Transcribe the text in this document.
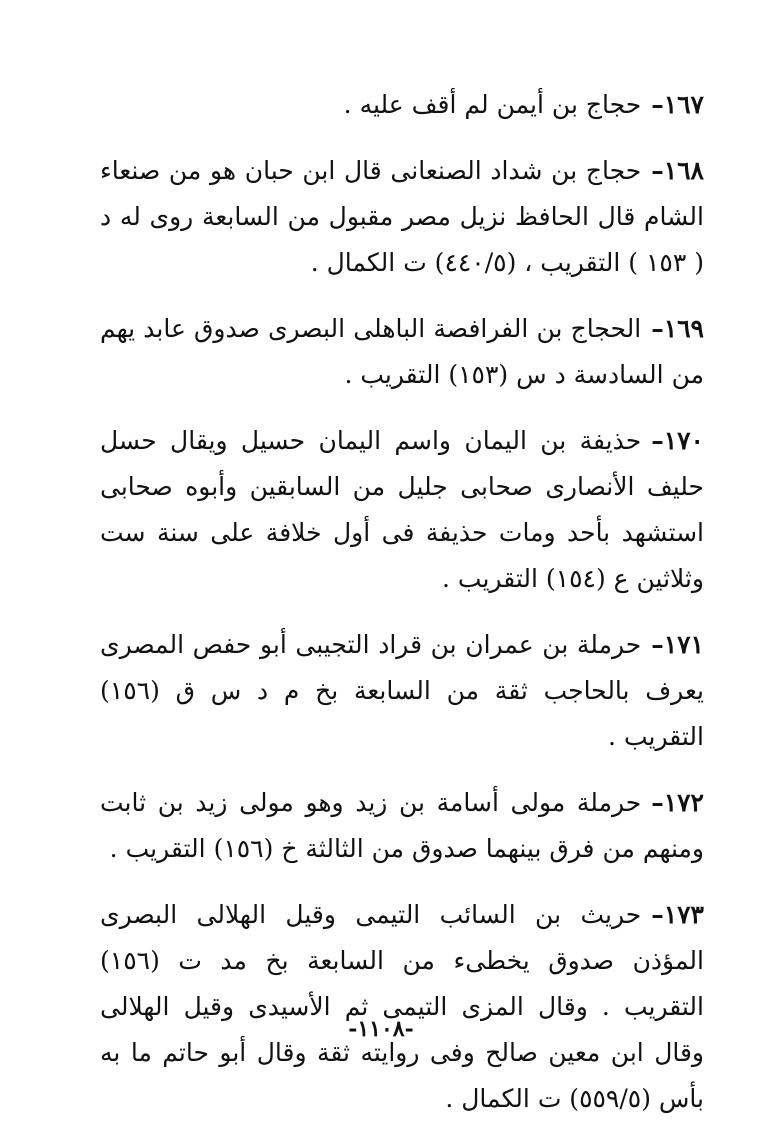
١٦٧–حجاج بن أيمن لم أقف عليه .

١٦٨–حجاج بن شداد الصنعانى قال ابن حبان هو من صنعاء الشام قال الحافظ نزيل مصر مقبول من السابعة روى له د ( ١٥٣ ) التقريب ، (٤٤٠/٥) ت الكمال .

١٦٩–الحجاج بن الفرافصة الباهلى البصرى صدوق عابد يهم من السادسة د س (١٥٣) التقريب .

١٧٠–حذيفة بن اليمان واسم اليمان حسيل ويقال حسل حليف الأنصارى صحابى جليل من السابقين وأبوه صحابى استشهد بأحد ومات حذيفة فى أول خلافة على سنة ست وثلاثين ع (١٥٤) التقريب .

١٧١–حرملة بن عمران بن قراد التجيبى أبو حفص المصرى يعرف بالحاجب ثقة من السابعة بخ م د س ق (١٥٦) التقريب .

١٧٢–حرملة مولى أسامة بن زيد وهو مولى زيد بن ثابت ومنهم من فرق بينهما صدوق من الثالثة خ (١٥٦) التقريب .

١٧٣–حريث بن السائب التيمى وقيل الهلالى البصرى المؤذن صدوق يخطىء من السابعة بخ مد ت (١٥٦) التقريب . وقال المزى التيمى ثم الأسيدى وقيل الهلالى وقال ابن معين صالح وفى روايته ثقة وقال أبو حاتم ما به بأس (٥٥٩/٥) ت الكمال .

-١١٠٨-
